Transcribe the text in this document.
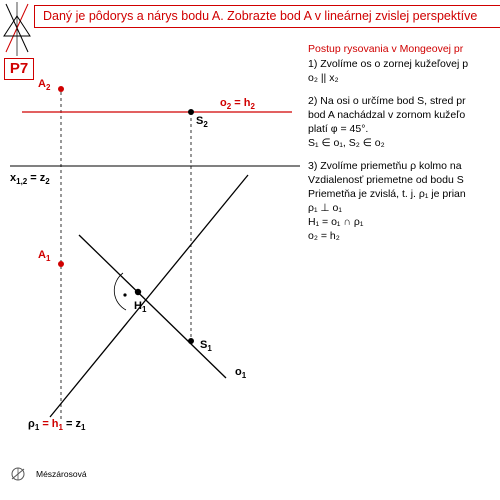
P7
Daný je pôdorys a nárys bodu A. Zobrazte bod A v lineárnej zvislej perspektíve
$A_2$
$o_2 = h_2$
$S_2$
$x_{1,2} = z_2$
$A_1$
$H_1$
$S_1$
$o_1$
$\rho_1 = h_1 = z_1$
Postup rysovania v Mongeovej pr
1) Zvolíme os o zornej kužeľovej p
o₂ || x₂
2) Na osi o určíme bod S, stred pr
bod A nachádzal v zornom kužeľo
platí φ = 45°.
S₁ ∈ o₁, S₂ ∈ o₂
3) Zvolíme priemetňu ρ kolmo na
Vzdialenosť priemetne od bodu S
Priemetňa je zvislá, t. j. ρ₁ je prian
ρ₁ ⊥ o₁
H₁ = o₁ ∩ ρ₁
o₂ = h₂
Mészárosová
